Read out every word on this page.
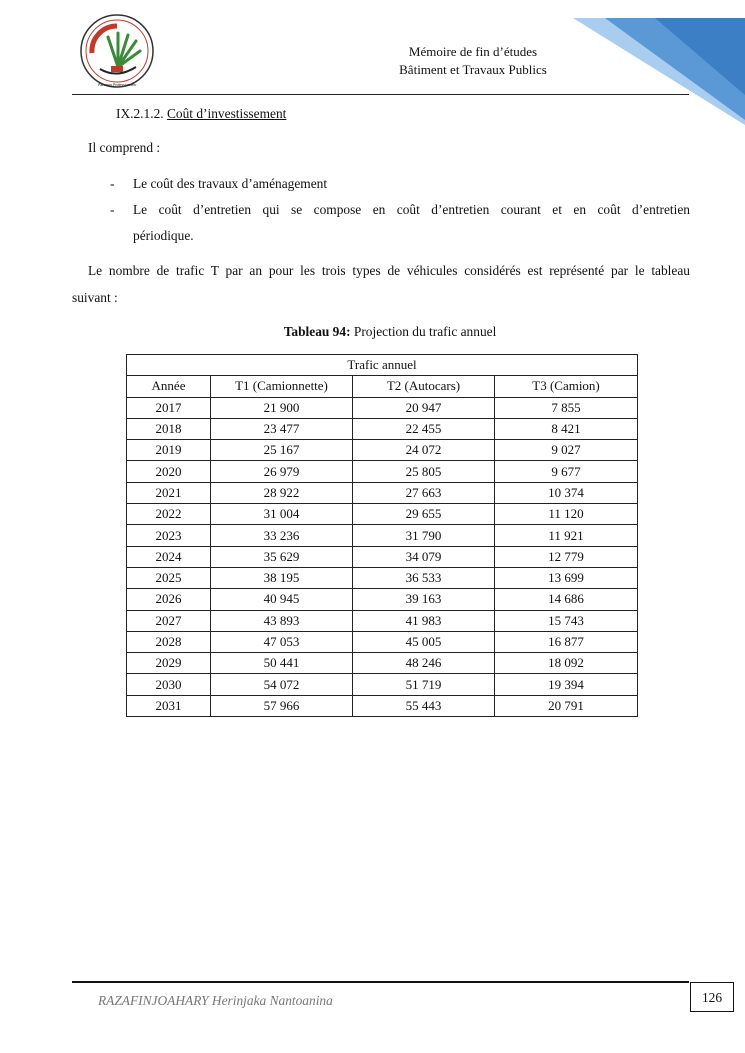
Parcours Professionnels
Mémoire de fin d’études
Bâtiment et Travaux Publics
IX.2.1.2. Coût d’investissement
Il comprend :
- Le coût des travaux d’aménagement
- Le coût d’entretien qui se compose en coût d’entretien courant et en coût d’entretien
périodique.
Le nombre de trafic T par an pour les trois types de véhicules considérés est représenté par le tableau
suivant :
Tableau 94: Projection du trafic annuel
Trafic annuel			
Année	T1 (Camionnette)	T2 (Autocars)	T3 (Camion)
2017	21 900	20 947	7 855
2018	23 477	22 455	8 421
2019	25 167	24 072	9 027
2020	26 979	25 805	9 677
2021	28 922	27 663	10 374
2022	31 004	29 655	11 120
2023	33 236	31 790	11 921
2024	35 629	34 079	12 779
2025	38 195	36 533	13 699
2026	40 945	39 163	14 686
2027	43 893	41 983	15 743
2028	47 053	45 005	16 877
2029	50 441	48 246	18 092
2030	54 072	51 719	19 394
2031	57 966	55 443	20 791
RAZAFINJOAHARY Herinjaka Nantoanina	126
